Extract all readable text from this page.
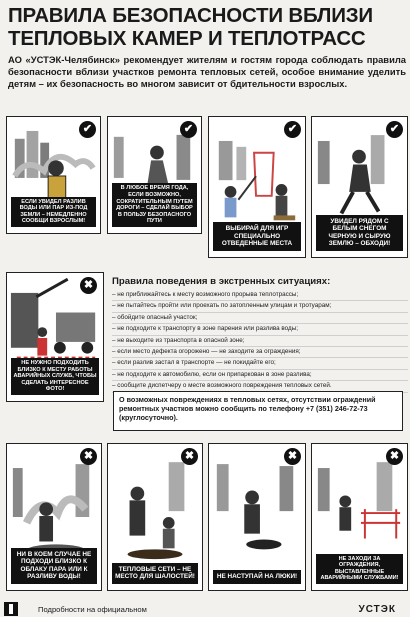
ПРАВИЛА БЕЗОПАСНОСТИ ВБЛИЗИ ТЕПЛОВЫХ КАМЕР И ТЕПЛОТРАСС
АО «УСТЭК-Челябинск» рекомендует жителям и гостям города соблюдать правила безопасности вблизи участков ремонта тепловых сетей, особое внимание уделить детям – их безопасность во многом зависит от бдительности взрослых.
ЕСЛИ УВИДЕЛ РАЗЛИВ ВОДЫ ИЛИ ПАР ИЗ-ПОД ЗЕМЛИ – НЕМЕДЛЕННО СООБЩИ ВЗРОСЛЫМ!
✔
В ЛЮБОЕ ВРЕМЯ ГОДА, ЕСЛИ ВОЗМОЖНО, СОКРАТИТЕЛЬНЫМ ПУТЕМ ДОРОГИ – СДЕЛАЙ ВЫБОР В ПОЛЬЗУ БЕЗОПАСНОГО ПУТИ
✔
ВЫБИРАЙ ДЛЯ ИГР СПЕЦИАЛЬНО ОТВЕДЕННЫЕ МЕСТА
✔
УВИДЕЛ РЯДОМ С БЕЛЫМ СНЕГОМ ЧЕРНУЮ И СЫРУЮ ЗЕМЛЮ – ОБХОДИ!
✔
НЕ НУЖНО ПОДХОДИТЬ БЛИЗКО К МЕСТУ РАБОТЫ АВАРИЙНЫХ СЛУЖБ, ЧТОБЫ СДЕЛАТЬ ИНТЕРЕСНОЕ ФОТО!
✖	Правила поведения в экстренных ситуациях:
– не приближайтесь к месту возможного прорыва теплотрассы;
– не пытайтесь пройти или проехать по затопленным улицам и тротуарам;
– обойдите опасный участок;
– не подходите к транспорту в зоне парения или разлива воды;
– не выходите из транспорта в опасной зоне;
– если место дефекта огорожено — не заходите за ограждения;
– если разлив застал в транспорте — не покидайте его;
– не подходите к автомобилю, если он припаркован в зоне разлива;
– сообщите диспетчеру о месте возможного повреждения тепловых сетей.
О возможных повреждениях в тепловых сетях, отсутствии ограждений ремонтных участков можно сообщить по телефону +7 (351) 246-72-73 (круглосуточно).
НИ В КОЕМ СЛУЧАЕ НЕ ПОДХОДИ БЛИЗКО К ОБЛАКУ ПАРА ИЛИ К РАЗЛИВУ ВОДЫ!
✖
ТЕПЛОВЫЕ СЕТИ – НЕ МЕСТО ДЛЯ ШАЛОСТЕЙ!
✖
НЕ НАСТУПАЙ НА ЛЮКИ!
✖
НЕ ЗАХОДИ ЗА ОГРАЖДЕНИЯ, ВЫСТАВЛЕННЫЕ АВАРИЙНЫМИ СЛУЖБАМИ!
✖
Подробности на официальном	УСТЭК
